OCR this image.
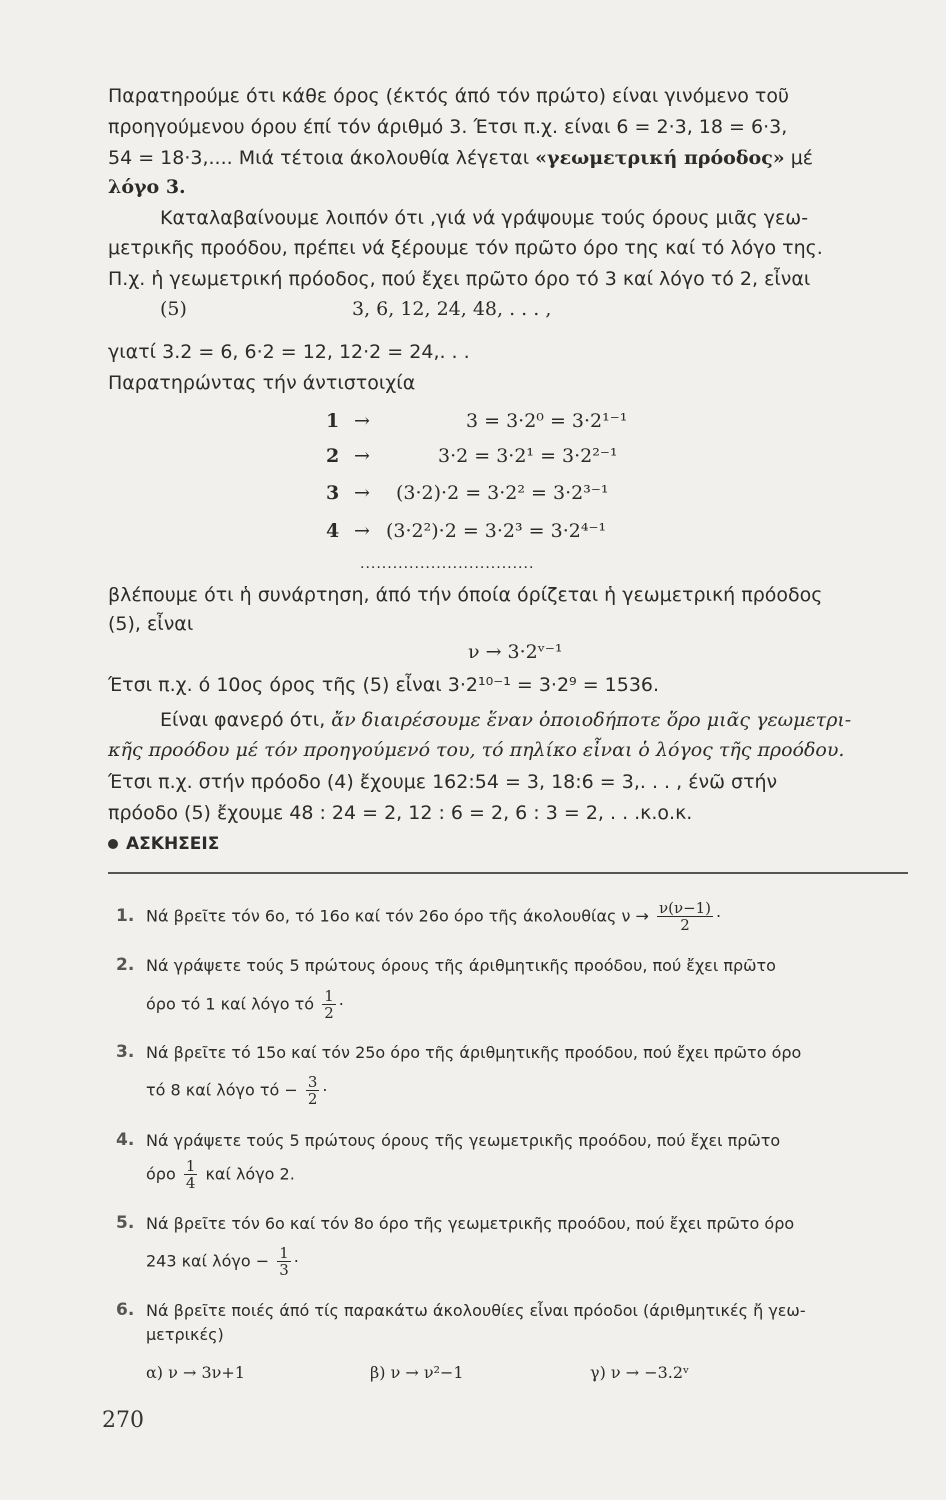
Παρατηρούμε ότι κάθε όρος (έκτός άπό τόν πρώτο) είναι γινόμενο τοῦ
προηγούμενου όρου έπί τόν άριθμό 3. Έτσι π.χ. είναι 6 = 2·3, 18 = 6·3,
54 = 18·3,.... Μιά τέτοια άκολουθία λέγεται «γεωμετρική πρόοδος» μέ
λόγο 3.
Καταλαβαίνουμε λοιπόν ότι ,γιά νά γράψουμε τούς όρους μιᾶς γεω-
μετρικῆς προόδου, πρέπει νά ξέρουμε τόν πρῶτο όρο της καί τό λόγο της.
Π.χ. ἡ γεωμετρική πρόοδος, πού ἔχει πρῶτο όρο τό 3 καί λόγο τό 2, εἶναι
(5)	3, 6, 12, 24, 48, . . . ,
γιατί 3.2 = 6, 6·2 = 12, 12·2 = 24,. . .
Παρατηρώντας τήν άντιστοιχία
1 →	3 = 3·2⁰ = 3·2¹⁻¹
2 →	3·2 = 3·2¹ = 3·2²⁻¹
3 → (3·2)·2 = 3·2² = 3·2³⁻¹
4 → (3·2²)·2 = 3·2³ = 3·2⁴⁻¹
................................
βλέπουμε ότι ἡ συνάρτηση, άπό τήν όποία όρίζεται ἡ γεωμετρική πρόοδος
(5), εἶναι
ν → 3·2ᵛ⁻¹
Έτσι π.χ. ό 10ος όρος τῆς (5) εἶναι 3·2¹⁰⁻¹ = 3·2⁹ = 1536.
Είναι φανερό ότι, ἄν διαιρέσουμε ἕναν ὁποιοδήποτε ὅρο μιᾶς γεωμετρι-
κῆς προόδου μέ τόν προηγούμενό του, τό πηλίκο εἶναι ὁ λόγος τῆς προόδου.
Έτσι π.χ. στήν πρόοδο (4) ἔχουμε 162:54 = 3, 18:6 = 3,. . . , ένῶ στήν
πρόοδο (5) ἔχουμε 48 : 24 = 2, 12 : 6 = 2, 6 : 3 = 2, . . .κ.ο.κ.
ΑΣΚΗΣΕΙΣ
1. Νά βρεῖτε τόν 6ο, τό 16ο καί τόν 26ο όρο τῆς άκολουθίας $\nu \to \frac{\nu(\nu-1)}{2}$ ·
2. Νά γράψετε τούς 5 πρώτους όρους τῆς άριθμητικῆς προόδου, πού ἔχει πρῶτο
όρο τό 1 καί λόγο τό $\frac{1}{2}$ ·
3. Νά βρεῖτε τό 15ο καί τόν 25ο όρο τῆς άριθμητικῆς προόδου, πού ἔχει πρῶτο όρο
τό 8 καί λόγο $\tau ό - \frac{3}{2}$ ·
4. Νά γράψετε τούς 5 πρώτους όρους τῆς γεωμετρικῆς προόδου, πού ἔχει πρῶτο
όρο $\frac{1}{4}$ καί λόγο 2.
5. Νά βρεῖτε τόν 6ο καί τόν 8ο όρο τῆς γεωμετρικῆς προόδου, πού ἔχει πρῶτο όρο
243 καί $\lambda ό\gamma o - \frac{1}{3}$ ·
6. Νά βρεῖτε ποιές άπό τίς παρακάτω άκολουθίες εἶναι πρόοδοι (άριθμητικές ἤ γεω-
μετρικές)
α) ν → 3ν+1	β) ν → ν²−1	γ) ν → −3.2ᵛ
270
